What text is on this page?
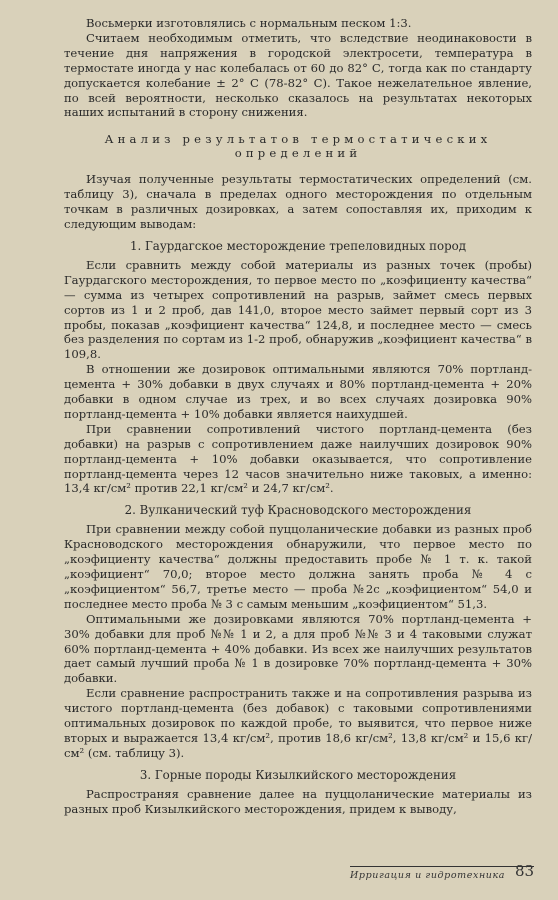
Восьмерки изготовлялись с нормальным песком 1:3.

Считаем необходимым отметить, что вследствие неодинаковости в течение дня напряжения в городской электросети, температура в термостате иногда у нас колебалась от 60 до 82° С, тогда как по стандарту допускается колебание ± 2° С (78-82° С). Такое нежелательное явление, по всей вероятности, несколько сказалось на результатах некоторых наших испытаний в сторону снижения.

Анализ результатов термостатических
определений

Изучая полученные результаты термостатических определений (см. таблицу 3), сначала в пределах одного месторождения по отдельным точкам в различных дозировках, а затем сопоставляя их, приходим к следующим выводам:

1. Гаурдагское месторождение трепеловидных пород

Если сравнить между собой материалы из разных точек (пробы) Гаурдагского месторождения, то первое место по „коэфициенту качества“ — сумма из четырех сопротивлений на разрыв, займет смесь первых сортов из 1 и 2 проб, дав 141,0, второе место займет первый сорт из 3 пробы, показав „коэфициент качества“ 124,8, и последнее место — смесь без разделения по сортам из 1-2 проб, обнаружив „коэфициент качества“ в 109,8.

В отношении же дозировок оптимальными являются 70% портланд-цемента + 30% добавки в двух случаях и 80% портланд-цемента + 20% добавки в одном случае из трех, и во всех случаях дозировка 90% портланд-цемента + 10% добавки является наихудшей.

При сравнении сопротивлений чистого портланд-цемента (без добавки) на разрыв с сопротивлением даже наилучших дозировок 90% портланд-цемента + 10% добавки оказывается, что сопротивление портланд-цемента через 12 часов значительно ниже таковых, а именно: 13,4 кг/см² против 22,1 кг/см² и 24,7 кг/см².

2. Вулканический туф Красноводского месторождения

При сравнении между собой пуццоланические добавки из разных проб Красноводского месторождения обнаружили, что первое место по „коэфициенту качества“ должны предоставить пробе № 1 т. к. такой „коэфициент“ 70,0; второе место должна занять проба № 4 с „коэфициентом“ 56,7, третье место — проба №2с „коэфициентом“ 54,0 и последнее место проба № 3 с самым меньшим „коэфициентом“ 51,3.

Оптимальными же дозировками являются 70% портланд-цемента + 30% добавки для проб №№ 1 и 2, а для проб №№ 3 и 4 таковыми служат 60% портланд-цемента + 40% добавки. Из всех же наилучших результатов дает самый лучший проба № 1 в дозировке 70% портланд-цемента + 30% добавки.

Если сравнение распространить также и на сопротивления разрыва из чистого портланд-цемента (без добавок) с таковыми сопротивлениями оптимальных дозировок по каждой пробе, то выявится, что первое ниже вторых и выражается 13,4 кг/см², против 18,6 кг/см², 13,8 кг/см² и 15,6 кг/см² (см. таблицу 3).

3. Горные породы Кизылкийского месторождения

Распространяя сравнение далее на пуццоланические материалы из разных проб Кизылкийского месторождения, придем к выводу,

Ирригация и гидротехника 83
